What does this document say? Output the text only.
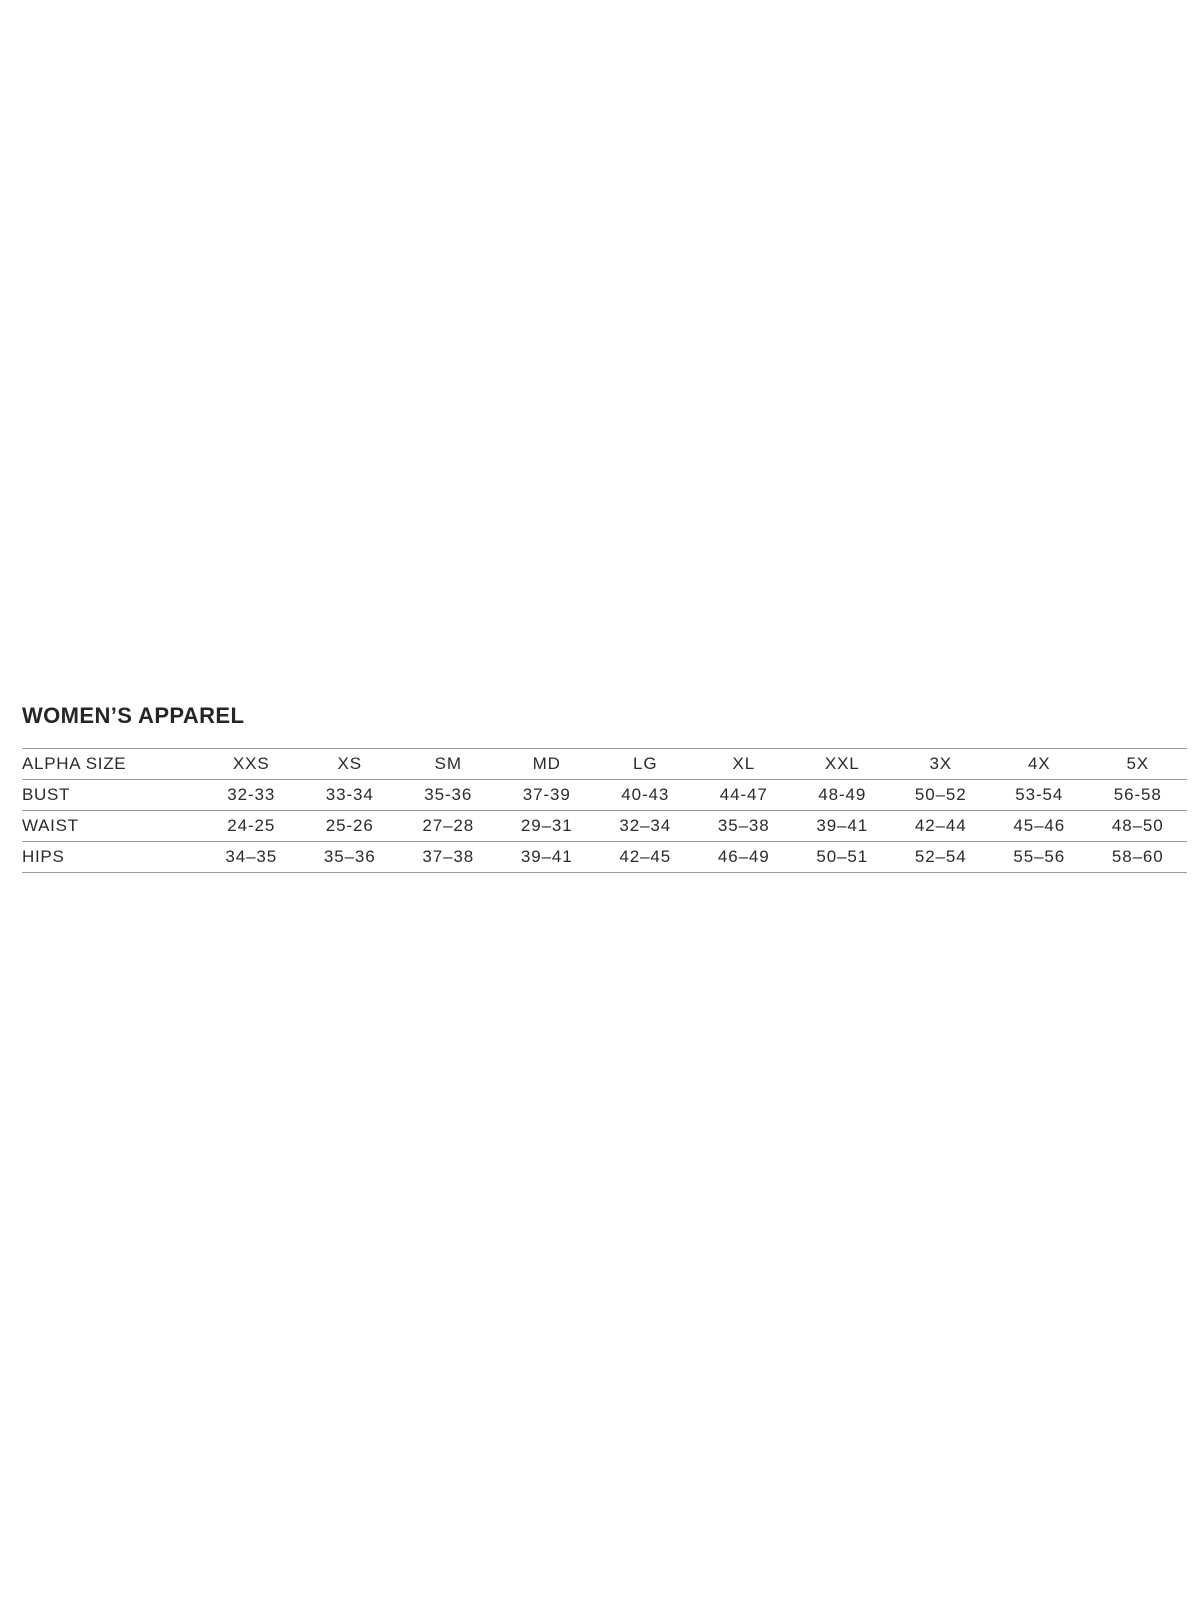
WOMEN’S APPAREL
ALPHA SIZE	XXS	XS	SM	MD	LG	XL	XXL	3X	4X	5X
BUST	32-33	33-34	35-36	37-39	40-43	44-47	48-49	50–52	53-54	56-58
WAIST	24-25	25-26	27–28	29–31	32–34	35–38	39–41	42–44	45–46	48–50
HIPS	34–35	35–36	37–38	39–41	42–45	46–49	50–51	52–54	55–56	58–60
